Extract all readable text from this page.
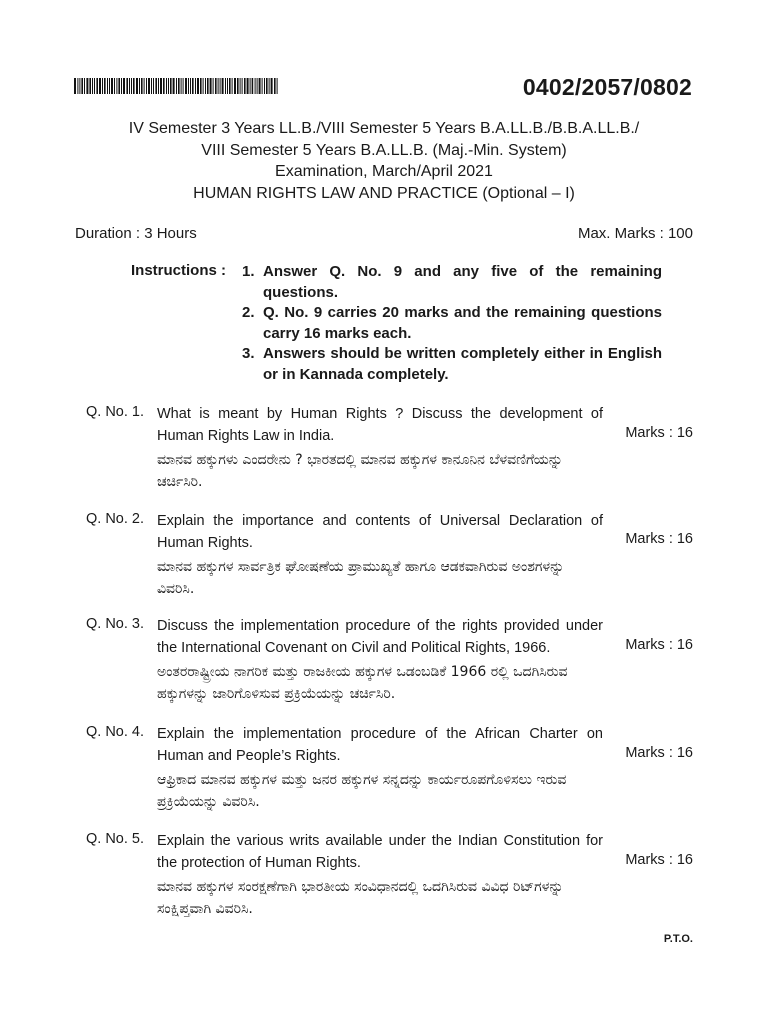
0402/2057/0802
IV Semester 3 Years LL.B./VIII Semester 5 Years B.A.LL.B./B.B.A.LL.B./
VIII Semester 5 Years B.A.LL.B. (Maj.-Min. System)
Examination, March/April 2021
HUMAN RIGHTS LAW AND PRACTICE (Optional – I)
Duration : 3 Hours	Max. Marks : 100
Instructions : 1. Answer Q. No. 9 and any five of the remaining questions.
2. Q. No. 9 carries 20 marks and the remaining questions carry 16 marks each.
3. Answers should be written completely either in English or in Kannada completely.
Q. No. 1. What is meant by Human Rights ? Discuss the development of Human Rights Law in India.
ಮಾನವ ಹಕ್ಕುಗಳು ಎಂದರೇನು ? ಭಾರತದಲ್ಲಿ ಮಾನವ ಹಕ್ಕುಗಳ ಕಾನೂನಿನ ಬೆಳವಣಿಗೆಯನ್ನು ಚರ್ಚಿಸಿರಿ.
Marks : 16
Q. No. 2. Explain the importance and contents of Universal Declaration of Human Rights.
ಮಾನವ ಹಕ್ಕುಗಳ ಸಾರ್ವತ್ರಿಕ ಘೋಷಣೆಯ ಪ್ರಾಮುಖ್ಯತೆ ಹಾಗೂ ಆಡಕವಾಗಿರುವ ಅಂಶಗಳನ್ನು ವಿವರಿಸಿ.
Marks : 16
Q. No. 3. Discuss the implementation procedure of the rights provided under the International Covenant on Civil and Political Rights, 1966.
ಅಂತರರಾಷ್ಟ್ರೀಯ ನಾಗರಿಕ ಮತ್ತು ರಾಜಕೀಯ ಹಕ್ಕುಗಳ ಒಡಂಬಡಿಕೆ 1966 ರಲ್ಲಿ ಒದಗಿಸಿರುವ ಹಕ್ಕುಗಳನ್ನು ಜಾರಿಗೊಳಿಸುವ ಪ್ರಕ್ರಿಯೆಯನ್ನು ಚರ್ಚಿಸಿರಿ.
Marks : 16
Q. No. 4. Explain the implementation procedure of the African Charter on Human and People’s Rights.
ಆಫ್ರಿಕಾದ ಮಾನವ ಹಕ್ಕುಗಳ ಮತ್ತು ಜನರ ಹಕ್ಕುಗಳ ಸನ್ನದನ್ನು ಕಾರ್ಯರೂಪಗೊಳಿಸಲು ಇರುವ ಪ್ರಕ್ರಿಯೆಯನ್ನು ವಿವರಿಸಿ.
Marks : 16
Q. No. 5. Explain the various writs available under the Indian Constitution for the protection of Human Rights.
ಮಾನವ ಹಕ್ಕುಗಳ ಸಂರಕ್ಷಣೆಗಾಗಿ ಭಾರತೀಯ ಸಂವಿಧಾನದಲ್ಲಿ ಒದಗಿಸಿರುವ ವಿವಿಧ ರಿಟ್‌ಗಳನ್ನು ಸಂಕ್ಷಿಪ್ತವಾಗಿ ವಿವರಿಸಿ.
Marks : 16
P.T.O.
